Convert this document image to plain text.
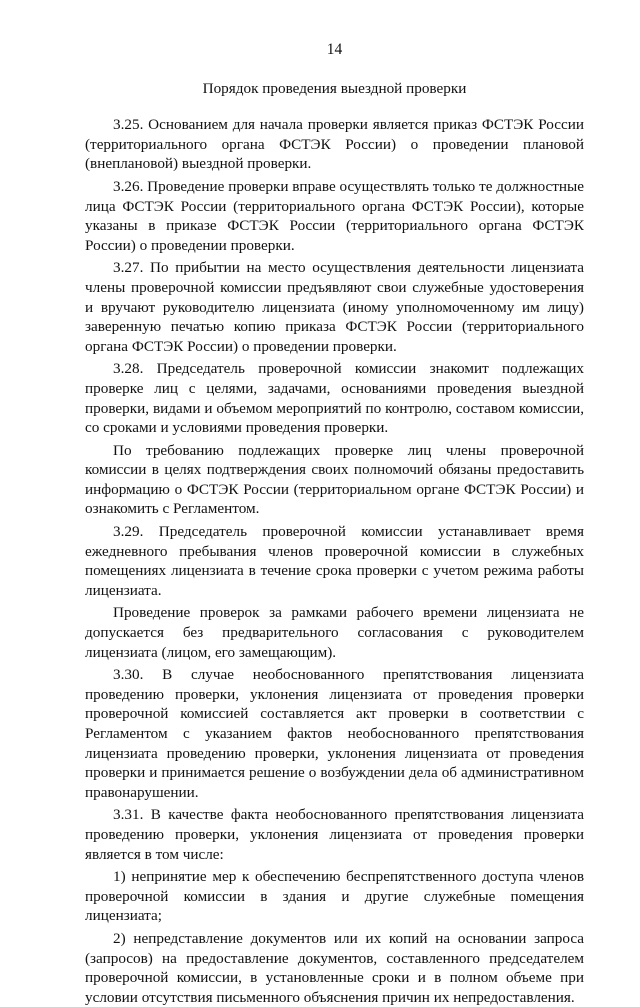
14
Порядок проведения выездной проверки

3.25. Основанием для начала проверки является приказ ФСТЭК России (территориального органа ФСТЭК России) о проведении плановой (внеплановой) выездной проверки.

3.26. Проведение проверки вправе осуществлять только те должностные лица ФСТЭК России (территориального органа ФСТЭК России), которые указаны в приказе ФСТЭК России (территориального органа ФСТЭК России) о проведении проверки.

3.27. По прибытии на место осуществления деятельности лицензиата члены проверочной комиссии предъявляют свои служебные удостоверения и вручают руководителю лицензиата (иному уполномоченному им лицу) заверенную печатью копию приказа ФСТЭК России (территориального органа ФСТЭК России) о проведении проверки.

3.28. Председатель проверочной комиссии знакомит подлежащих проверке лиц с целями, задачами, основаниями проведения выездной проверки, видами и объемом мероприятий по контролю, составом комиссии, со сроками и условиями проведения проверки.

По требованию подлежащих проверке лиц члены проверочной комиссии в целях подтверждения своих полномочий обязаны предоставить информацию о ФСТЭК России (территориальном органе ФСТЭК России) и ознакомить с Регламентом.

3.29. Председатель проверочной комиссии устанавливает время ежедневного пребывания членов проверочной комиссии в служебных помещениях лицензиата в течение срока проверки с учетом режима работы лицензиата.

Проведение проверок за рамками рабочего времени лицензиата не допускается без предварительного согласования с руководителем лицензиата (лицом, его замещающим).

3.30. В случае необоснованного препятствования лицензиата проведению проверки, уклонения лицензиата от проведения проверки проверочной комиссией составляется акт проверки в соответствии с Регламентом с указанием фактов необоснованного препятствования лицензиата проведению проверки, уклонения лицензиата от проведения проверки и принимается решение о возбуждении дела об административном правонарушении.

3.31. В качестве факта необоснованного препятствования лицензиата проведению проверки, уклонения лицензиата от проведения проверки является в том числе:

1) непринятие мер к обеспечению беспрепятственного доступа членов проверочной комиссии в здания и другие служебные помещения лицензиата;

2) непредставление документов или их копий на основании запроса (запросов) на предоставление документов, составленного председателем проверочной комиссии, в установленные сроки и в полном объеме при условии отсутствия письменного объяснения причин их непредоставления.
